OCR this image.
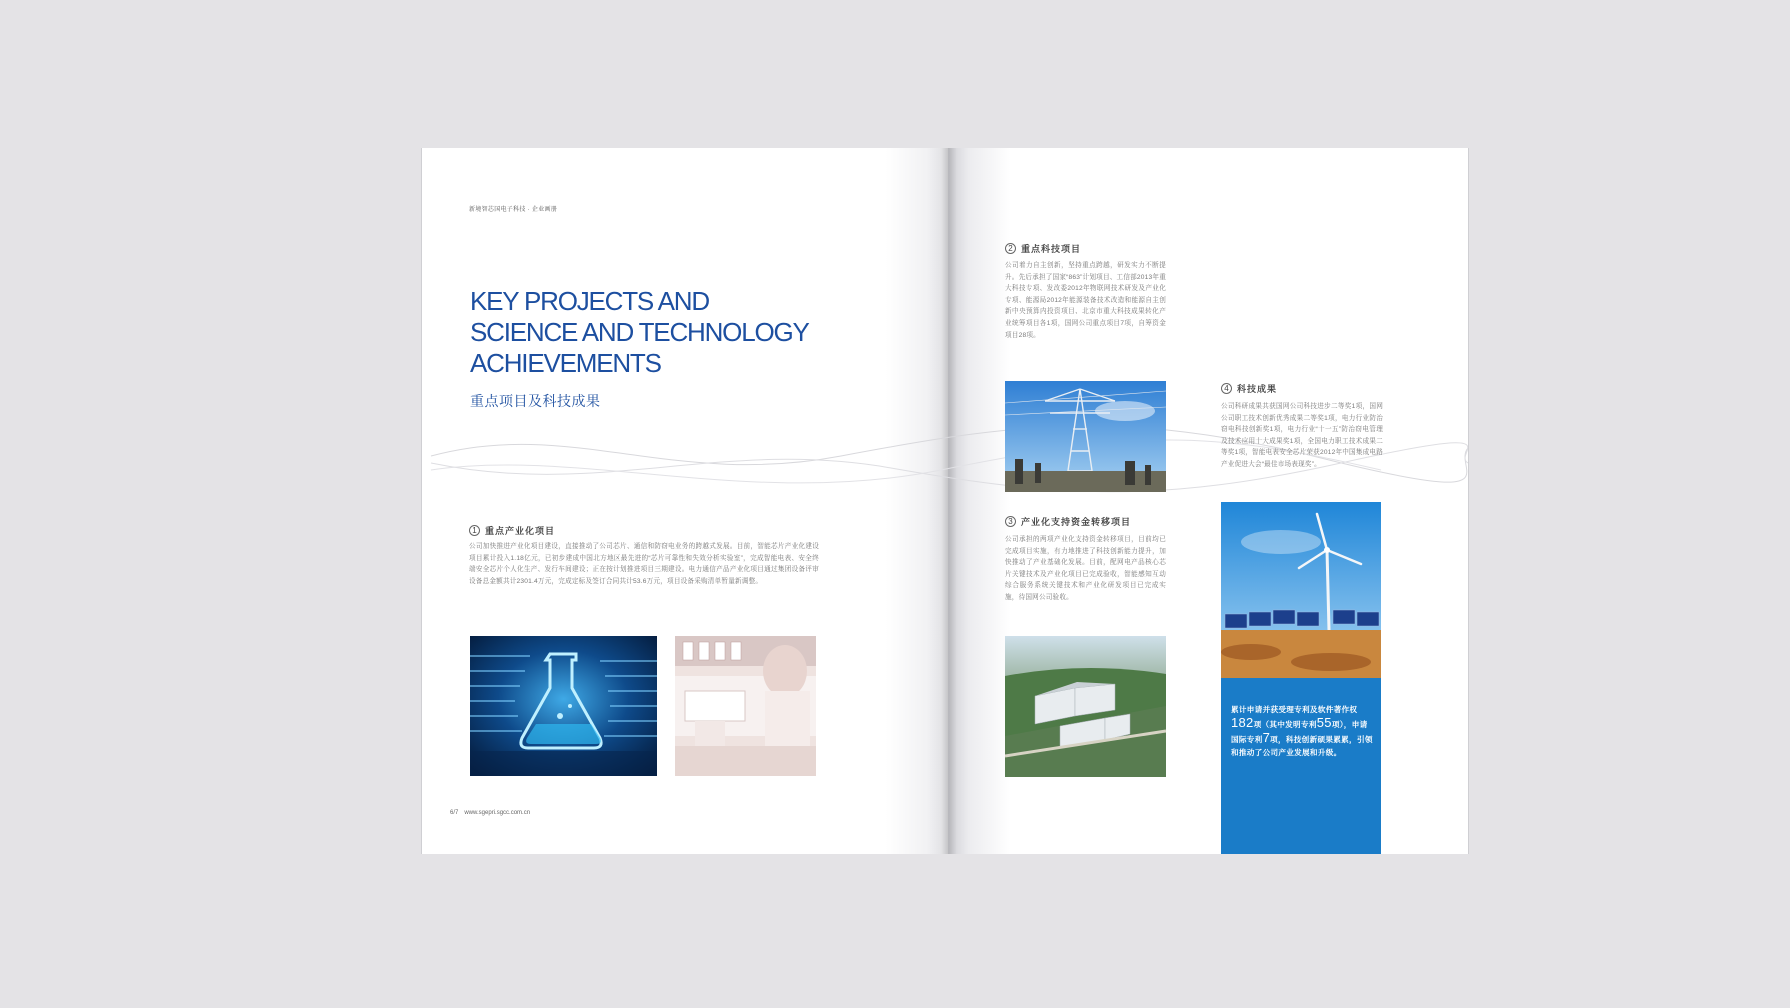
新境智芯国电子科技 · 企业画册
KEY PROJECTS AND
SCIENCE AND TECHNOLOGY
ACHIEVEMENTS
重点项目及科技成果
1 重点产业化项目
公司加快推进产业化项目建设，直接推动了公司芯片、通信和防窃电业务的跨越式发展。目前，智能芯片产业化建设项目累计投入1.18亿元，已初步建成中国北方地区最先进的“芯片可靠性和失效分析实验室”，完成智能电表、安全终端安全芯片个人化生产、发行车间建设；正在按计划推进项目三期建设。电力通信产品产业化项目通过集团设备评审设备总金额共计2301.4万元，完成定标及签订合同共计53.6万元，项目设备采购清单暂量新调整。
6/7 www.sgepri.sgcc.com.cn
2 重点科技项目
公司着力自主创新，坚持重点跨越，研发实力不断提升。先后承担了国家“863”计划项目、工信部2013年重大科技专项、发改委2012年物联网技术研发及产业化专项、能源局2012年能源装备技术改造和能源自主创新中央预算内投资项目、北京市重大科技成果转化产业统筹项目各1项，国网公司重点项目7项，自筹资金项目28项。
3 产业化支持资金转移项目
公司承担的两项产业化支持资金转移项目，目前均已完成项目实施，有力地推进了科技创新能力提升，加快推动了产业基础化发展。目前，配网电产品核心芯片关键技术及产业化项目已完成验收，智能感知互动综合服务系统关键技术和产业化研发项目已完成实施，待国网公司验收。
4 科技成果
公司科研成果共获国网公司科技进步二等奖1项，国网公司职工技术创新优秀成果二等奖1项，电力行业防治窃电科技创新奖1项，电力行业“十一五”防治窃电管理及技术应用十大成果奖1项，全国电力职工技术成果二等奖1项，智能电表安全芯片荣获2012年中国集成电路产业促进大会“最佳市场表现奖”。
累计申请并获受理专利及软件著作权
182项（其中发明专利55项），申请国际专利7项，科技创新硕果累累，引领和推动了公司产业发展和升级。
